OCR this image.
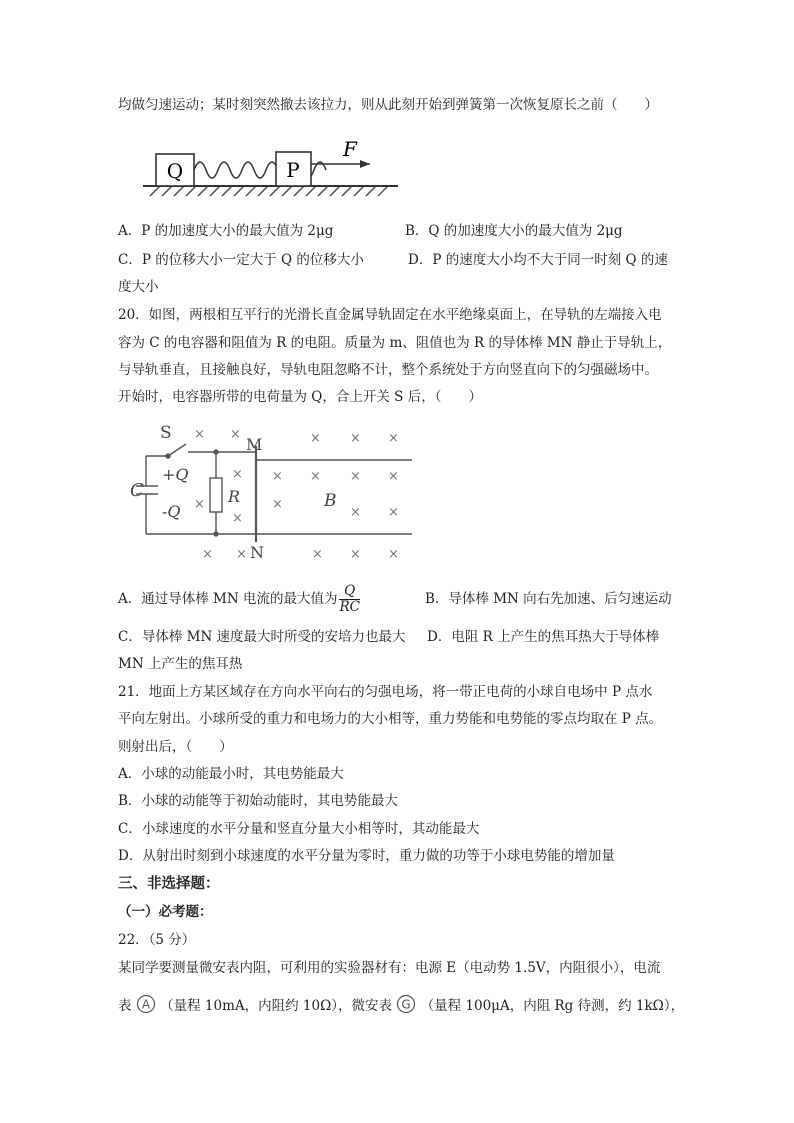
均做匀速运动；某时刻突然撤去该拉力，则从此刻开始到弹簧第一次恢复原长之前（　　）
Q	P
F
A．P 的加速度大小的最大值为 2μg	B．Q 的加速度大小的最大值为 2μg
C．P 的位移大小一定大于 Q 的位移大小	D．P 的速度大小均不大于同一时刻 Q 的速
度大小
20．如图，两根相互平行的光滑长直金属导轨固定在水平绝缘桌面上，在导轨的左端接入电
容为 C 的电容器和阻值为 R 的电阻。质量为 m、阻值也为 R 的导体棒 MN 静止于导轨上，
与导轨垂直，且接触良好，导轨电阻忽略不计，整个系统处于方向竖直向下的匀强磁场中。
开始时，电容器所带的电荷量为 Q，合上开关 S 后，（　　）
S
M
N
C
+Q
-Q
R	B
× ×	× × ×
× × × × ×
×	×
× ×
×
× ×	× × ×
A．通过导体棒 MN 电流的最大值为 $\frac{Q}{RC}$	B．导体棒 MN 向右先加速、后匀速运动
C．导体棒 MN 速度最大时所受的安培力也最大 D．电阻 R 上产生的焦耳热大于导体棒
MN 上产生的焦耳热
21．地面上方某区域存在方向水平向右的匀强电场，将一带正电荷的小球自电场中 P 点水
平向左射出。小球所受的重力和电场力的大小相等，重力势能和电势能的零点均取在 P 点。
则射出后，（　　）
A．小球的动能最小时，其电势能最大
B．小球的动能等于初始动能时，其电势能最大
C．小球速度的水平分量和竖直分量大小相等时，其动能最大
D．从射出时刻到小球速度的水平分量为零时，重力做的功等于小球电势能的增加量
三、非选择题：
（一）必考题：
22．（5 分）
某同学要测量微安表内阻，可利用的实验器材有：电源 E（电动势 1.5V，内阻很小），电流
表 A （量程 10mA，内阻约 10Ω），微安表 G （量程 100μA，内阻 Rg 待测，约 1kΩ），
